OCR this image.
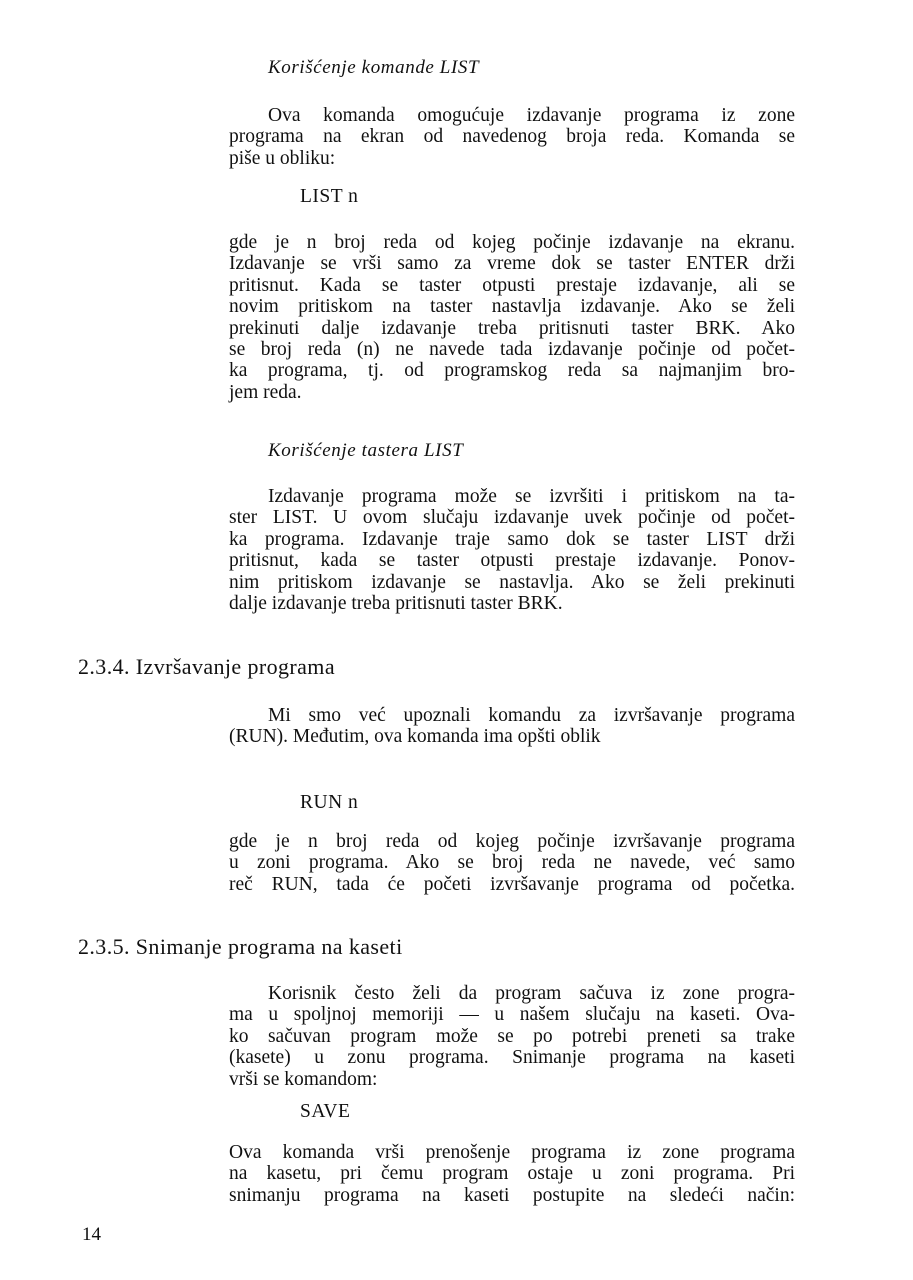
Korišćenje komande LIST
Ova komanda omogućuje izdavanje programa iz zone
programa na ekran od navedenog broja reda. Komanda se
piše u obliku:

LIST n

gde je n broj reda od kojeg počinje izdavanje na ekranu.
Izdavanje se vrši samo za vreme dok se taster ENTER drži
pritisnut. Kada se taster otpusti prestaje izdavanje, ali se
novim pritiskom na taster nastavlja izdavanje. Ako se želi
prekinuti dalje izdavanje treba pritisnuti taster BRK. Ako
se broj reda (n) ne navede tada izdavanje počinje od počet-
ka programa, tj. od programskog reda sa najmanjim bro-
jem reda.
Korišćenje tastera LIST
Izdavanje programa može se izvršiti i pritiskom na ta-
ster LIST. U ovom slučaju izdavanje uvek počinje od počet-
ka programa. Izdavanje traje samo dok se taster LIST drži
pritisnut, kada se taster otpusti prestaje izdavanje. Ponov-
nim pritiskom izdavanje se nastavlja. Ako se želi prekinuti
dalje izdavanje treba pritisnuti taster BRK.
2.3.4. Izvršavanje programa
Mi smo već upoznali komandu za izvršavanje programa
(RUN). Međutim, ova komanda ima opšti oblik

RUN n

gde je n broj reda od kojeg počinje izvršavanje programa
u zoni programa. Ako se broj reda ne navede, već samo
reč RUN, tada će početi izvršavanje programa od početka.
2.3.5. Snimanje programa na kaseti
Korisnik često želi da program sačuva iz zone progra-
ma u spoljnoj memoriji — u našem slučaju na kaseti. Ova-
ko sačuvan program može se po potrebi preneti sa trake
(kasete) u zonu programa. Snimanje programa na kaseti
vrši se komandom:

SAVE

Ova komanda vrši prenošenje programa iz zone programa
na kasetu, pri čemu program ostaje u zoni programa. Pri
snimanju programa na kaseti postupite na sledeći način:

14
